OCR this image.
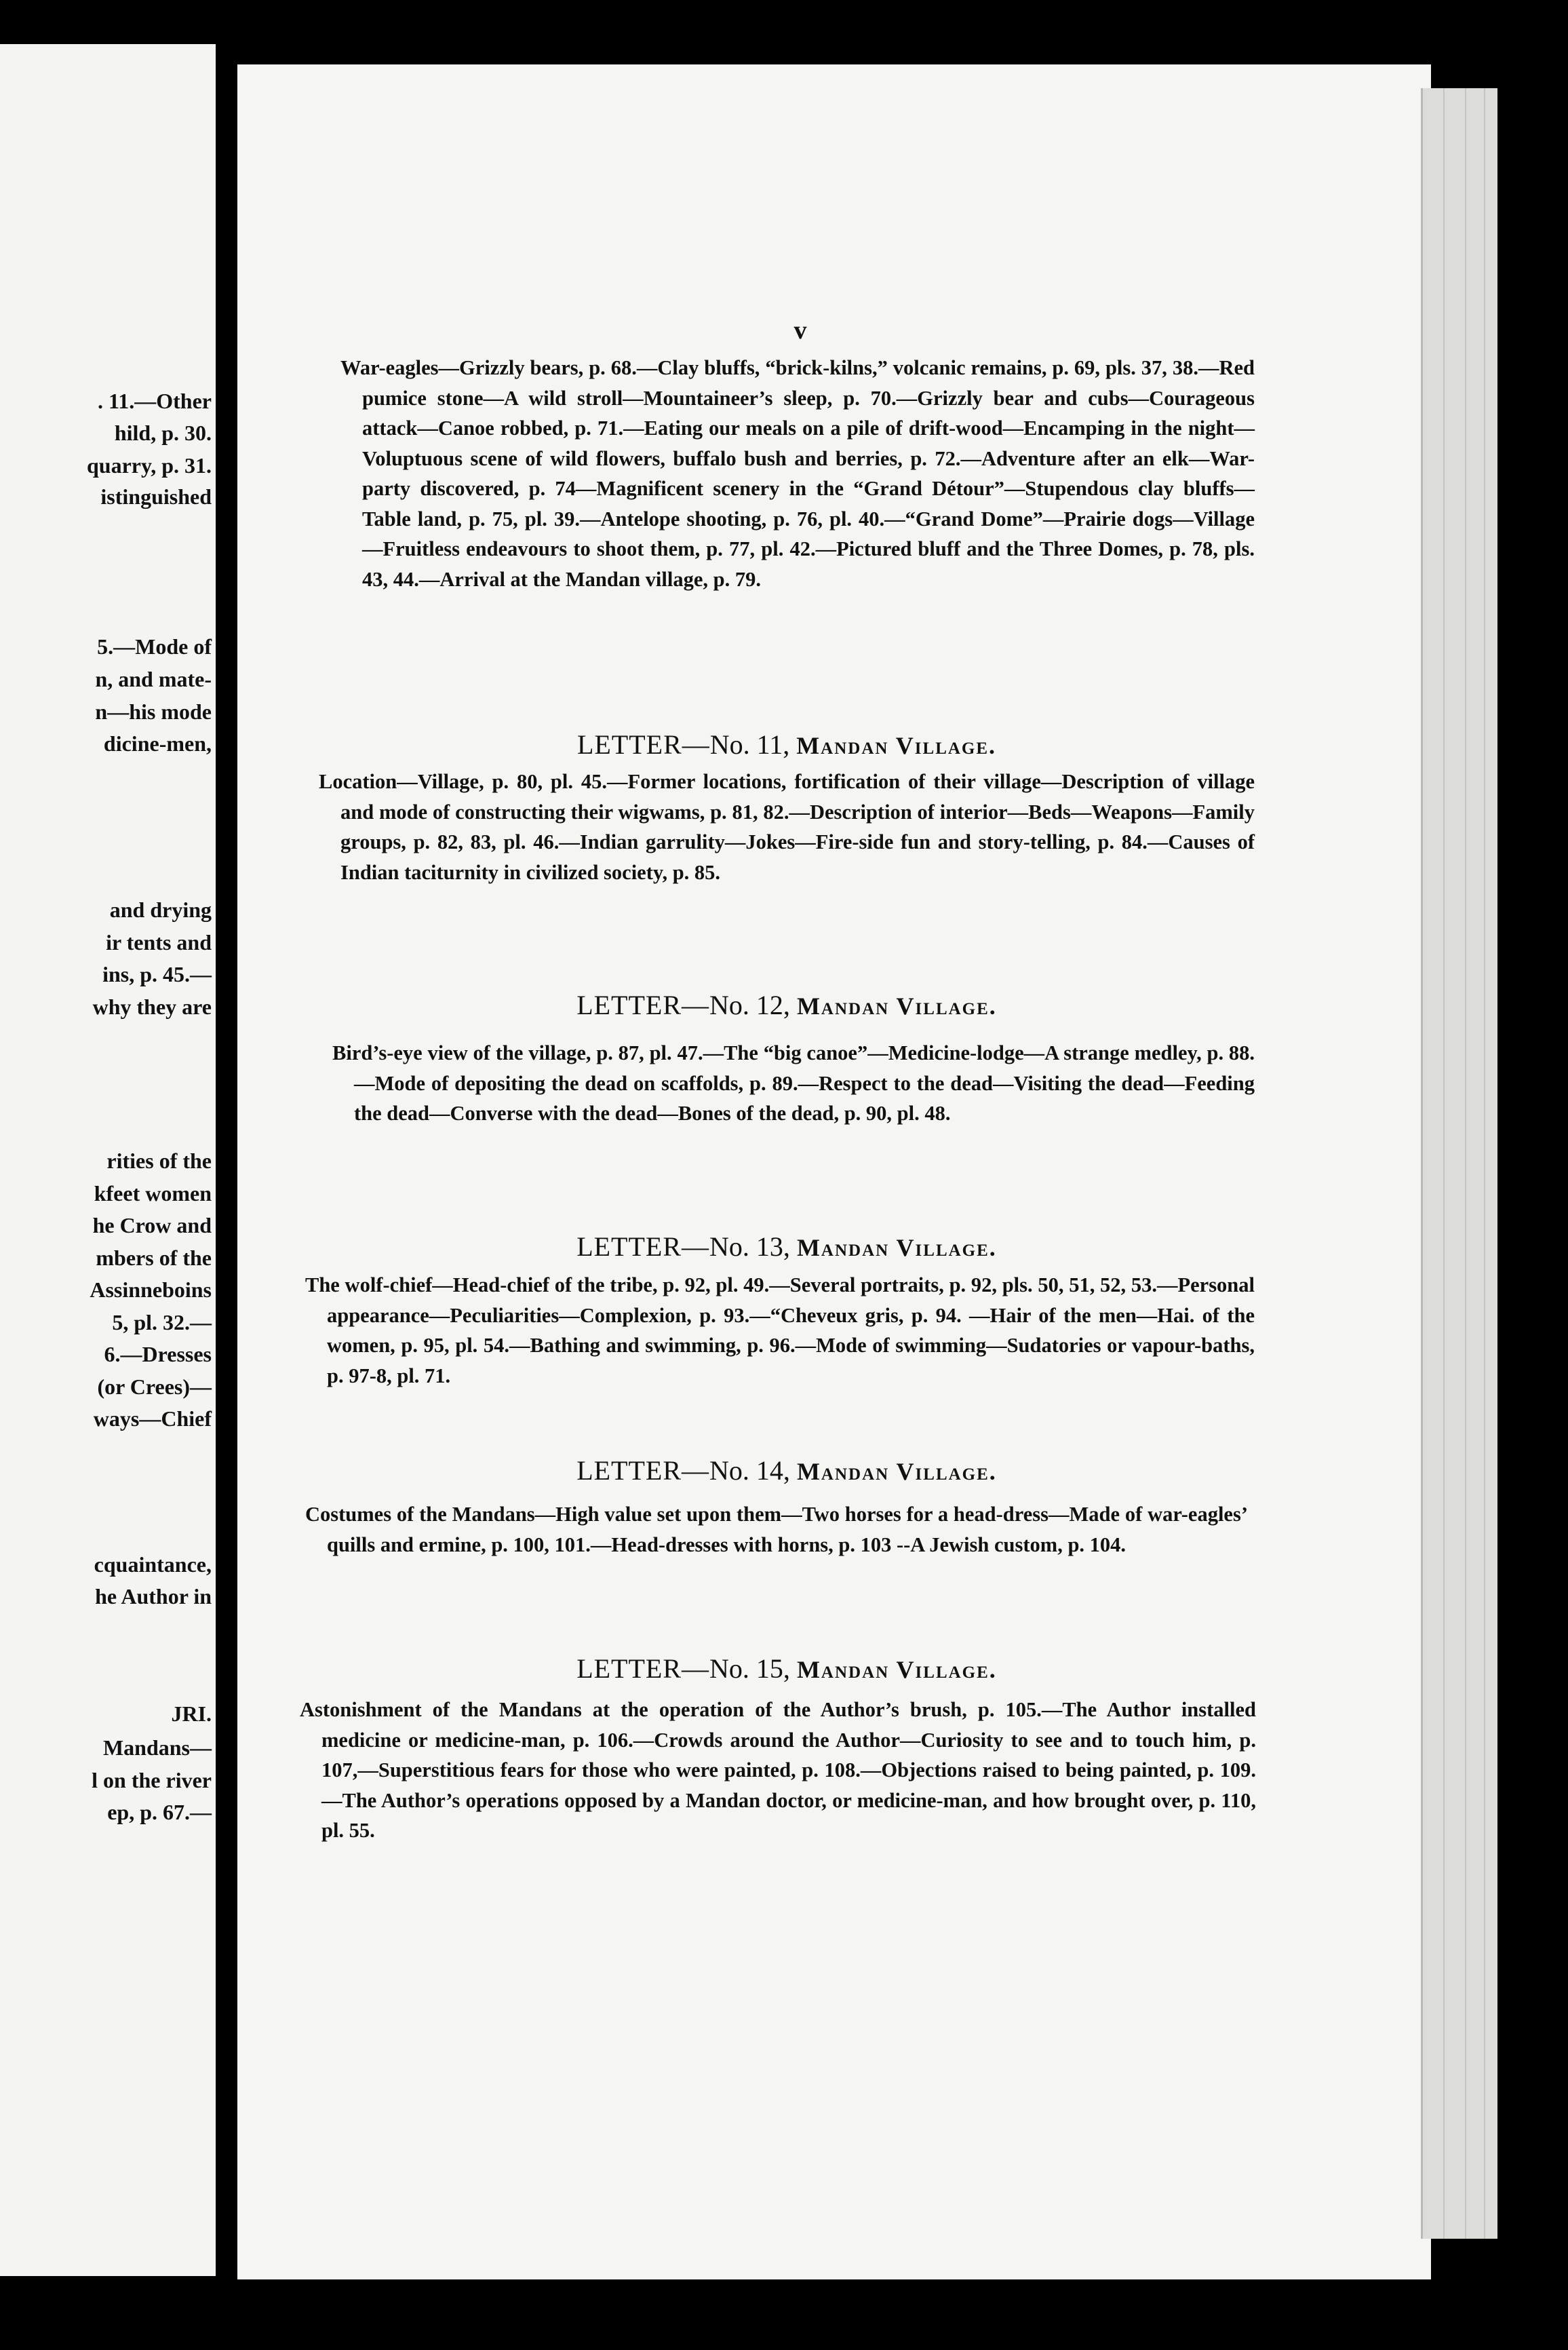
. 11.—Other
hild, p. 30.
quarry, p. 31.
istinguished
5.—Mode of
n, and mate-
n—his mode
dicine-men,
and drying
ir tents and
ins, p. 45.—
why they are
rities of the
kfeet women
he Crow and
mbers of the
Assinneboins
5, pl. 32.—
6.—Dresses
(or Crees)—
ways—Chief
cquaintance,
he Author in
JRI.
Mandans—
l on the river
ep, p. 67.—
v
War-eagles—Grizzly bears, p. 68.—Clay bluffs, “brick-kilns,” volcanic remains, p. 69, pls. 37, 38.—Red pumice stone—A wild stroll—Mountaineer’s sleep, p. 70.—Grizzly bear and cubs—Courageous attack—Canoe robbed, p. 71.—Eating our meals on a pile of drift-wood—Encamping in the night—Voluptuous scene of wild flowers, buffalo bush and berries, p. 72.—Adventure after an elk—War-party discovered, p. 74—Magnificent scenery in the “Grand Détour”—Stupendous clay bluffs—Table land, p. 75, pl. 39.—Antelope shooting, p. 76, pl. 40.—“Grand Dome”—Prairie dogs—Village—Fruitless endeavours to shoot them, p. 77, pl. 42.—Pictured bluff and the Three Domes, p. 78, pls. 43, 44.—Arrival at the Mandan village, p. 79.
LETTER—No. 11, Mandan Village.
Location—Village, p. 80, pl. 45.—Former locations, fortification of their village—Description of village and mode of constructing their wigwams, p. 81, 82.—Description of interior—Beds—Weapons—Family groups, p. 82, 83, pl. 46.—Indian garrulity—Jokes—Fire-side fun and story-telling, p. 84.—Causes of Indian taciturnity in civilized society, p. 85.
LETTER—No. 12, Mandan Village.
Bird’s-eye view of the village, p. 87, pl. 47.—The “big canoe”—Medicine-lodge—A strange medley, p. 88.—Mode of depositing the dead on scaffolds, p. 89.—Respect to the dead—Visiting the dead—Feeding the dead—Converse with the dead—Bones of the dead, p. 90, pl. 48.
LETTER—No. 13, Mandan Village.
The wolf-chief—Head-chief of the tribe, p. 92, pl. 49.—Several portraits, p. 92, pls. 50, 51, 52, 53.—Personal appearance—Peculiarities—Complexion, p. 93.—“Cheveux gris, p. 94. —Hair of the men—Hai. of the women, p. 95, pl. 54.—Bathing and swimming, p. 96.—Mode of swimming—Sudatories or vapour-baths, p. 97-8, pl. 71.
LETTER—No. 14, Mandan Village.
Costumes of the Mandans—High value set upon them—Two horses for a head-dress—Made of war-eagles’ quills and ermine, p. 100, 101.—Head-dresses with horns, p. 103 --A Jewish custom, p. 104.
LETTER—No. 15, Mandan Village.
Astonishment of the Mandans at the operation of the Author’s brush, p. 105.—The Author installed medicine or medicine-man, p. 106.—Crowds around the Author—Curiosity to see and to touch him, p. 107,—Superstitious fears for those who were painted, p. 108.—Objections raised to being painted, p. 109.—The Author’s operations opposed by a Mandan doctor, or medicine-man, and how brought over, p. 110, pl. 55.
